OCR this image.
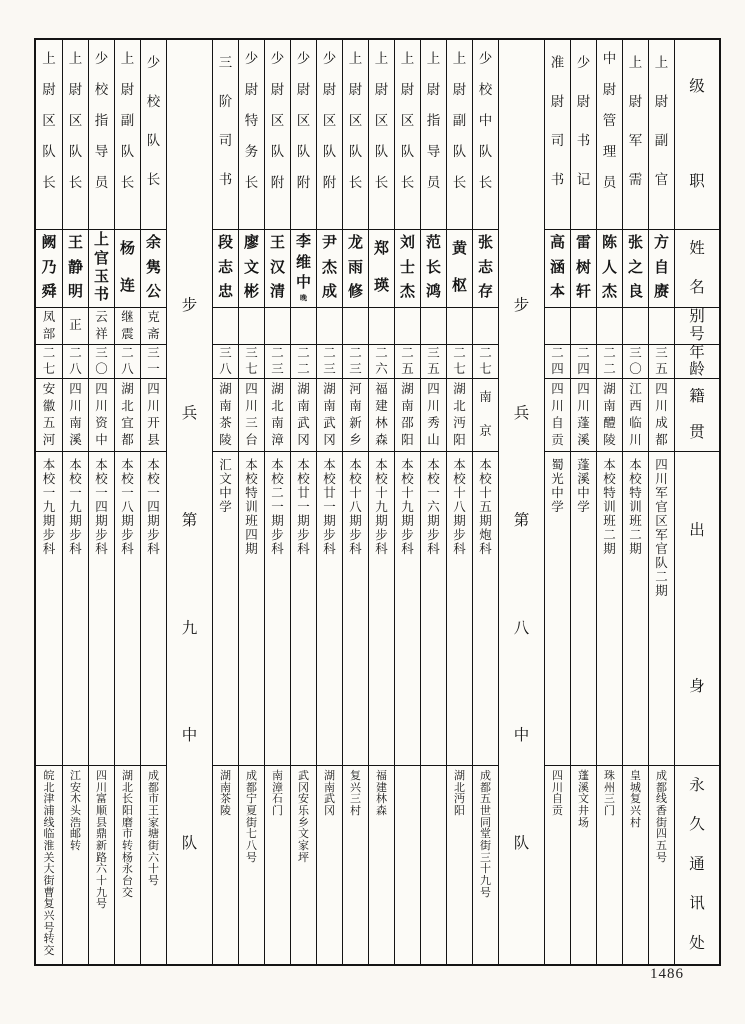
级
职
姓
名
别
号
年
龄
籍
贯
出
身
永
久
通
讯
处
上
尉
副
官
方
自
赓
三
五
四
川
成
都
四
川
军
官
区
军
官
队
二
期
成
都
线
香
街
四
五
号
上
尉
军
需
张
之
良
三
〇
江
西
临
川
本
校
特
训
班
二
期
皇
城
复
兴
村
中
尉
管
理
员
陈
人
杰
二
二
湖
南
醴
陵
本
校
特
训
班
二
期
珠
州
三
门
少
尉
书
记
雷
树
轩
二
四
四
川
蓬
溪
蓬
溪
中
学
蓬
溪
文
井
场
准
尉
司
书
高
涵
本
二
四
四
川
自
贡
蜀
光
中
学
四
川
自
贡
步
兵
第
八
中
队
少
校
中
队
长
张
志
存
二
七
南
京
本
校
十
五
期
炮
科
成
都
五
世
同
堂
街
三
十
九
号
上
尉
副
队
长
黄
枢
二
七
湖
北
沔
阳
本
校
十
八
期
步
科
湖
北
沔
阳
上
尉
指
导
员
范
长
鸿
三
五
四
川
秀
山
本
校
一
六
期
步
科
上
尉
区
队
长
刘
士
杰
二
五
湖
南
邵
阳
本
校
十
九
期
步
科
上
尉
区
队
长
郑
瑛
二
六
福
建
林
森
本
校
十
九
期
步
科
福
建
林
森
上
尉
区
队
长
龙
雨
修
二
三
河
南
新
乡
本
校
十
八
期
步
科
复
兴
三
村
少
尉
区
队
附
尹
杰
成
二
三
湖
南
武
冈
本
校
廿
一
期
步
科
湖
南
武
冈
少
尉
区
队
附
李
维
中
晚
二
二
湖
南
武
冈
本
校
廿
一
期
步
科
武
冈
安
乐
乡
文
家
坪
少
尉
区
队
附
王
汉
清
二
三
湖
北
南
漳
本
校
二
一
期
步
科
南
漳
石
门
少
尉
特
务
长
廖
文
彬
三
七
四
川
三
台
本
校
特
训
班
四
期
成
都
宁
夏
街
七
八
号
三
阶
司
书
段
志
忠
三
八
湖
南
茶
陵
汇
文
中
学
湖
南
茶
陵
步
兵
第
九
中
队
少
校
队
长
余
隽
公
克
斋
三
一
四
川
开
县
本
校
一
四
期
步
科
成
都
市
王
家
塘
街
六
十
号
上
尉
副
队
长
杨
连
继
震
二
八
湖
北
宜
都
本
校
一
八
期
步
科
湖
北
长
阳
磨
市
转
杨
永
台
交
少
校
指
导
员
上
官
玉
书
云
祥
三
〇
四
川
资
中
本
校
一
四
期
步
科
四
川
富
顺
县
鼎
新
路
六
十
九
号
上
尉
区
队
长
王
静
明
正
二
八
四
川
南
溪
本
校
一
九
期
步
科
江
安
木
头
浩
邮
转
上
尉
区
队
长
阙
乃
舜
凤
部
二
七
安
徽
五
河
本
校
一
九
期
步
科
皖
北
津
浦
线
临
淮
关
大
街
曹
复
兴
号
转
交
1486
